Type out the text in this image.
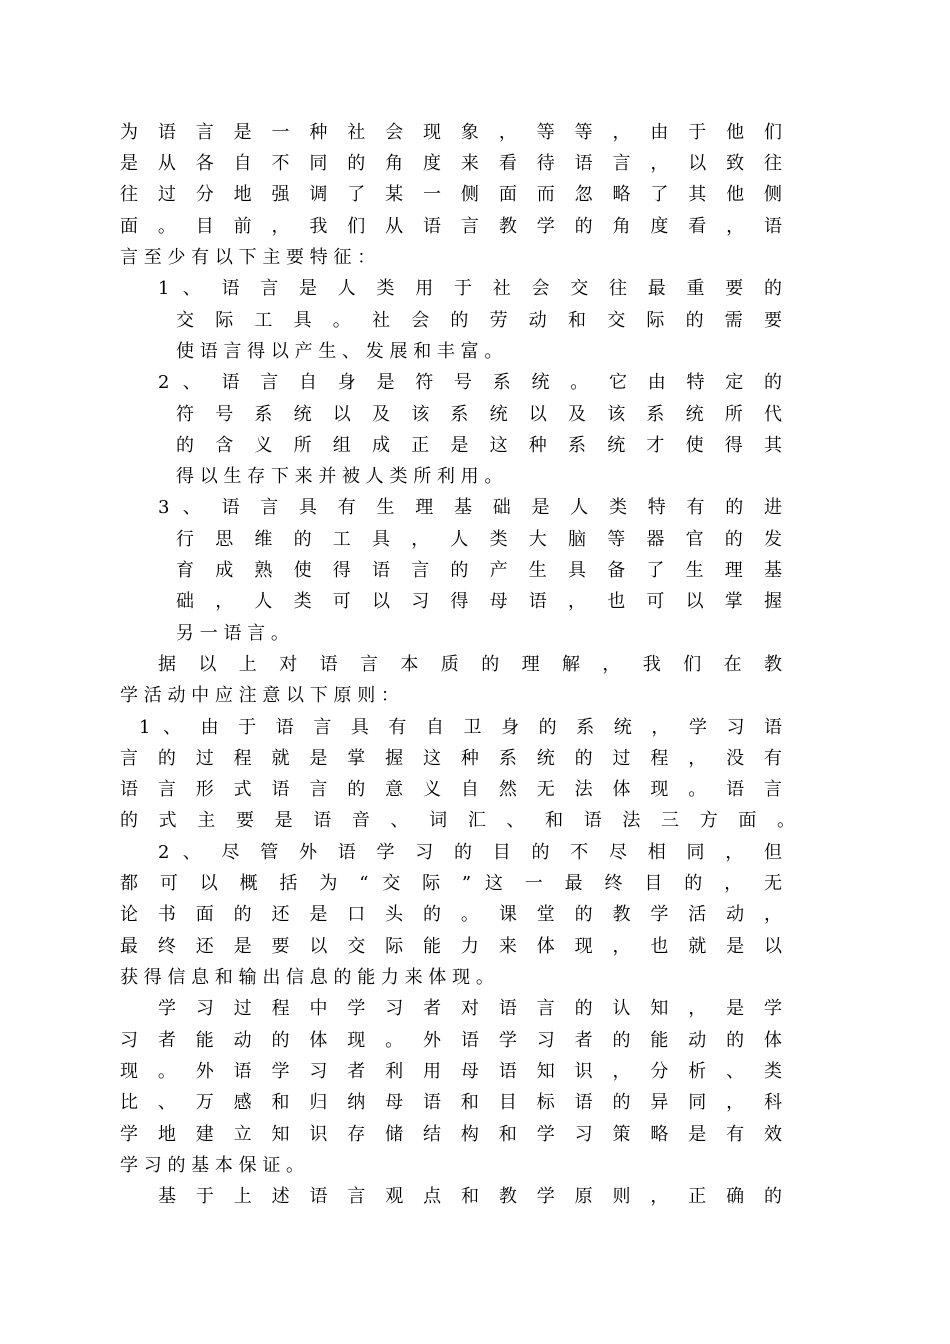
为 语 言 是 一 种 社 会 现 象 ， 等 等 ， 由 于 他 们
是 从 各 自 不 同 的 角 度 来 看 待 语 言 ， 以 致 往
往 过 分 地 强 调 了 某 一 侧 面 而 忽 略 了 其 他 侧
面 。 目 前 ， 我 们 从 语 言 教 学 的 角 度 看 ， 语
言 至 少 有 以 下 主 要 特 征 ：
1 、 语 言 是 人 类 用 于 社 会 交 往 最 重 要 的
交 际 工 具 。 社 会 的 劳 动 和 交 际 的 需 要
使 语 言 得 以 产 生 、 发 展 和 丰 富 。
2 、 语 言 自 身 是 符 号 系 统 。 它 由 特 定 的
符 号 系 统 以 及 该 系 统 以 及 该 系 统 所 代
的 含 义 所 组 成 正 是 这 种 系 统 才 使 得 其
得 以 生 存 下 来 并 被 人 类 所 利 用 。
3 、 语 言 具 有 生 理 基 础 是 人 类 特 有 的 进
行 思 维 的 工 具 ， 人 类 大 脑 等 器 官 的 发
育 成 熟 使 得 语 言 的 产 生 具 备 了 生 理 基
础 ， 人 类 可 以 习 得 母 语 ， 也 可 以 掌 握
另 一 语 言 。
据 以 上 对 语 言 本 质 的 理 解 ， 我 们 在 教
学 活 动 中 应 注 意 以 下 原 则 ：
1 、 由 于 语 言 具 有 自 卫 身 的 系 统 ， 学 习 语
言 的 过 程 就 是 掌 握 这 种 系 统 的 过 程 ， 没 有
语 言 形 式 语 言 的 意 义 自 然 无 法 体 现 。 语 言
的 式 主 要 是 语 音 、 词 汇 、 和 语 法 三 方 面 。
2 、 尽 管 外 语 学 习 的 目 的 不 尽 相 同 ， 但
都 可 以 概 括 为 “ 交 际 ” 这 一 最 终 目 的 ， 无
论 书 面 的 还 是 口 头 的 。 课 堂 的 教 学 活 动 ，
最 终 还 是 要 以 交 际 能 力 来 体 现 ， 也 就 是 以
获 得 信 息 和 输 出 信 息 的 能 力 来 体 现 。
学 习 过 程 中 学 习 者 对 语 言 的 认 知 ， 是 学
习 者 能 动 的 体 现 。 外 语 学 习 者 的 能 动 的 体
现 。 外 语 学 习 者 利 用 母 语 知 识 ， 分 析 、 类
比 、 万 感 和 归 纳 母 语 和 目 标 语 的 异 同 ， 科
学 地 建 立 知 识 存 储 结 构 和 学 习 策 略 是 有 效
学 习 的 基 本 保 证 。
基 于 上 述 语 言 观 点 和 教 学 原 则 ， 正 确 的
